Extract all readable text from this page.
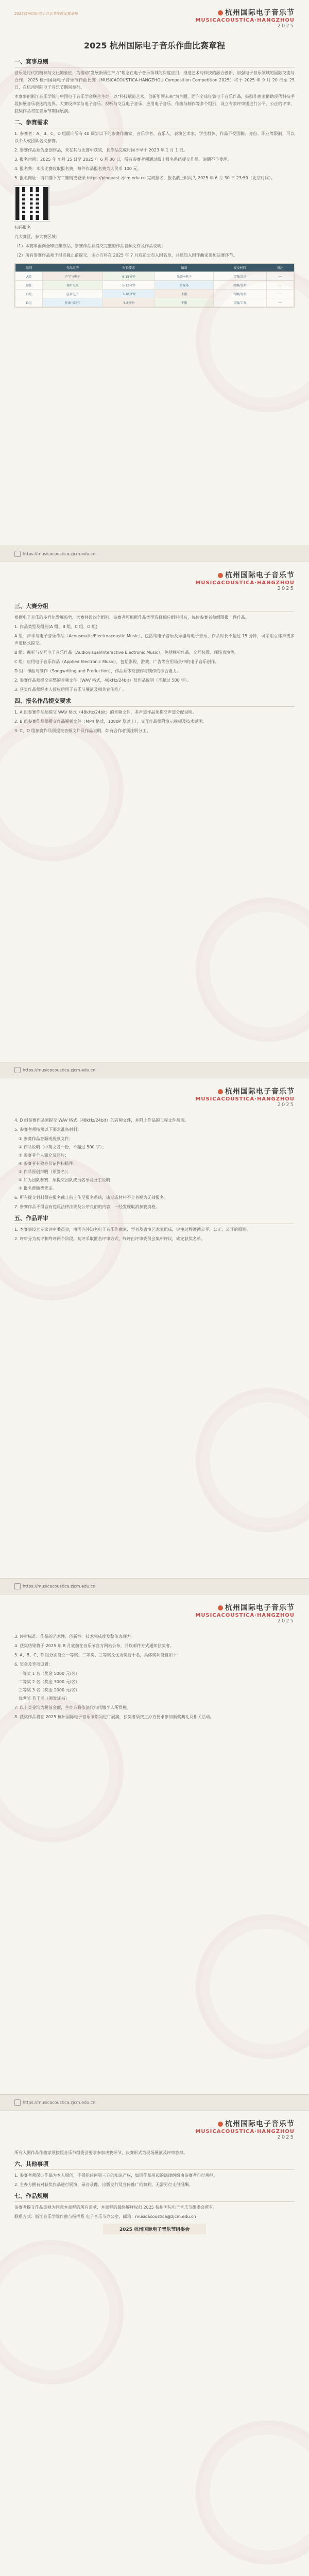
2025杭州国际电子音乐节作曲比赛章程	杭州国际电子音乐节
MUSICACOUSTICA·HANGZHOU
2025
2025 杭州国际电子音乐作曲比赛章程
一、赛事总则
音乐是时代的精神与文化的象征，为推动"发展新质生产力"理念在电子音乐领域的深度应用，推进艺术与科技的融合创新，加强电子音乐领域的国际交流与合作，2025 杭州国际电子音乐节作曲比赛（MUSICACOUSTICA-HANGZHOU Composition Competition 2025）将于 2025 年 9 月 20 日至 25 日，在杭州国际电子音乐节期间举行。
本赛事由浙江音乐学院与中国电子音乐学会联合主办，以"科技赋能艺术，创新引领未来"为主题，面向全球征集电子音乐作品，鼓励作曲家借助现代科技手段拓展音乐表达的边界。大赛设声学与电子音乐、视听与交互电子音乐、应用电子音乐、作曲与制作等多个组别，设立专家评审团进行公平、公正的评审，获奖作品将在音乐节期间展演。
二、参赛需求
1. 参赛者：A、B、C、D 组面向所有 40 周岁以下的参赛作曲家、音乐学者、音乐人、表演艺术家、学生群体、作品不受国籍、身份、职业等限制，可以以个人或团队名义参赛。
2. 参赛作品须为原创作品，未在其他比赛中获奖，且作品完成时间不早于 2023 年 1 月 1 日。
3. 报名时间：2025 年 4 月 15 日至 2025 年 6 月 30 日，所有参赛者须通过线上报名系统提交作品，逾期不予受理。
4. 报名费：本次比赛收取报名费，每件作品报名费为人民币 100 元。
5. 报名网址：请扫描下方二维码或登录 https://pinquest.zjcm.edu.cn 完成报名，报名截止时间为 2025 年 6 月 30 日 23:59（北京时间）。
扫码报名
九大赛区，参大赛区域：
（1）本赛事面向全球征集作品，参赛作品须提交完整的作品音频文件及作品说明；
（2）所有参赛作品须于报名截止前提交，主办方将在 2025 年 7 月底前公布入围名单，并通知入围作曲家参加决赛环节。
组别	作品类型	时长要求	编制	提交材料	备注
A组	声学与电子	6-15分钟	乐器+电子	音频/总谱	—
B组	视听交互	5-12分钟	多媒体	视频/说明	—
C组	应用电子	3-10分钟	不限	音频/说明	—
D组	作曲与制作	3-8分钟	不限	音频/工程	—
https://musicacoustica.zjcm.edu.cn
杭州国际电子音乐节
MUSICACOUSTICA·HANGZHOU
2025
三、大赛分组
根据电子音乐的多样化发展趋势，大赛共设四个组别，参赛者可根据作品类型选择相应组别报名，每位参赛者每组限报一件作品。
1. 作品类型及组别(A 组、B 组、C 组、D 组)
A 组：声学与电子音乐作品（Acousmatic/Electroacoustic Music），包括纯电子音乐及乐器与电子音乐，作品时长不超过 15 分钟，可采用立体声或多声道格式提交。
B 组：视听与交互电子音乐作品（Audiovisual/Interactive Electronic Music），包括视听作品、交互装置、现场表演等。
C 组：应用电子音乐作品（Applied Electronic Music），包括影视、游戏、广告等应用场景中的电子音乐创作。
D 组：作曲与制作（Songwriting and Production），作品须体现创作与制作的综合能力。
2. 参赛作品须提交完整的音频文件（WAV 格式，48kHz/24bit）及作品说明（不超过 500 字）。
3. 获奖作品须经本人授权后用于音乐节展演及相关宣传推广。
四、报名作品提交要求
1. A 组参赛作品须提交 WAV 格式（48kHz/24bit）的音频文件，多声道作品须提交声道分配说明。
2. B 组参赛作品须提交作品视频文件（MP4 格式，1080P 及以上），交互作品须附演示视频及技术说明。
3. C、D 组参赛作品须提交音频文件及作品说明，如有合作者须注明分工。
https://musicacoustica.zjcm.edu.cn
杭州国际电子音乐节
MUSICACOUSTICA·HANGZHOU
2025
4. D 组参赛作品须提交 WAV 格式（48kHz/24bit）的音频文件，并附上作品的工程文件截图。
5. 参赛者须按照以下要求准备材料：
① 参赛作品音频或视频文件；
② 作品说明（中英文各一份，不超过 500 字）；
③ 参赛者个人简介及照片；
④ 参赛者有效身份证件扫描件；
⑤ 作品原创声明（须签名）；
⑥ 如为团队参赛，须提交团队成员名单及分工说明；
⑦ 报名费缴费凭证。
6. 所有提交材料须在报名截止前上传至报名系统，逾期或材料不全者视为无效报名。
7. 参赛作品不得含有违反法律法规及公序良俗的内容，一经发现取消参赛资格。
五、作品评审
1. 本赛事设立专家评审委员会，由国内外知名电子音乐作曲家、学者及表演艺术家组成，评审过程遵循公平、公正、公开的原则。
2. 评审分为初评和终评两个阶段。初评采取匿名评审方式，终评由评审委员会集中评议，确定获奖名单。
https://musicacoustica.zjcm.edu.cn
杭州国际电子音乐节
MUSICACOUSTICA·HANGZHOU
2025
3. 评审标准：作品的艺术性、创新性、技术完成度及整体表现力。
4. 获奖结果将于 2025 年 8 月底前在音乐节官方网站公布，并以邮件方式通知获奖者。
5. A、B、C、D 组分别设立一等奖、二等奖、三等奖及优秀奖若干名，具体奖项设置如下：
6. 奖金及奖项设置：
一等奖 1 名（奖金 5000 元/名）
二等奖 2 名（奖金 3000 元/名）
三等奖 3 名（奖金 2000 元/名）
优秀奖 若干名（颁发证书）
7. 以上奖金均为税前金额，主办方将依法代扣代缴个人所得税。
8. 获奖作品将在 2025 杭州国际电子音乐节期间进行展演，获奖者须按主办方要求参加颁奖典礼及相关活动。
https://musicacoustica.zjcm.edu.cn
杭州国际电子音乐节
MUSICACOUSTICA·HANGZHOU
2025
所有入围作品作曲家须按照音乐节组委会要求参加决赛环节，决赛形式为现场展演及评审答辩。
六、其他事项
1. 参赛者须保证作品为本人原创，不侵犯任何第三方的知识产权，如因作品引起的法律纠纷由参赛者自行承担。
2. 主办方拥有对获奖作品进行展演、录音录像、出版发行及宣传推广的权利，无需另行支付报酬。
七、作品规则
参赛者提交作品即视为同意本章程的所有条款，本章程的最终解释权归 2025 杭州国际电子音乐节组委会所有。
联系方式：浙江音乐学院作曲与指挥系 电子音乐节办公室，邮箱：musicacoustica@zjcm.edu.cn
2025 杭州国际电子音乐节组委会
